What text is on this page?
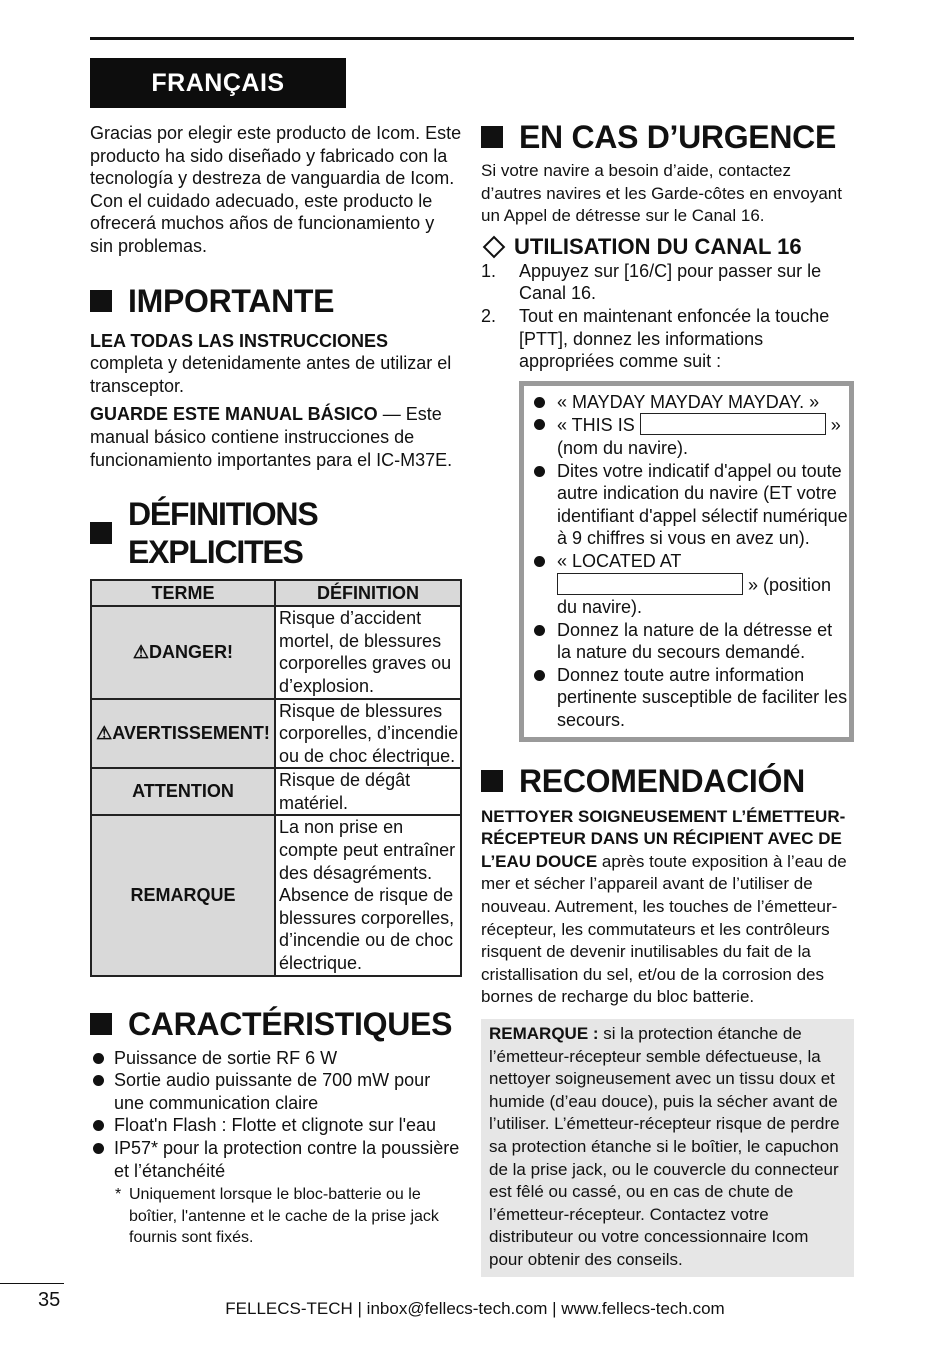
FRANÇAIS

Gracias por elegir este producto de Icom. Este producto ha sido diseñado y fabricado con la tecnología y destreza de vanguardia de Icom. Con el cuidado adecuado, este producto le ofrecerá muchos años de funcionamiento y sin problemas.

IMPORTANTE

LEA TODAS LAS INSTRUCCIONES
completa y detenidamente antes de utilizar el transceptor.

GUARDE ESTE MANUAL BÁSICO — Este manual básico contiene instrucciones de funcionamiento importantes para el IC-M37E.

DÉFINITIONS EXPLICITES
TERME	DÉFINITION
⚠DANGER!	Risque d’accident mortel, de blessures corporelles graves ou d’explosion.
⚠AVERTISSEMENT!	Risque de blessures corporelles, d’incendie ou de choc électrique.
ATTENTION	Risque de dégât matériel.
REMARQUE	La non prise en compte peut entraîner des désagréments. Absence de risque de blessures corporelles, d’incendie ou de choc électrique.
CARACTÉRISTIQUES
Puissance de sortie RF 6 W
Sortie audio puissante de 700 mW pour une communication claire
Float'n Flash : Flotte et clignote sur l'eau
IP57* pour la protection contre la poussière et l’étanchéité
* Uniquement lorsque le bloc-batterie ou le boîtier, l'antenne et le cache de la prise jack fournis sont fixés.
EN CAS D’URGENCE

Si votre navire a besoin d’aide, contactez d’autres navires et les Garde-côtes en envoyant un Appel de détresse sur le Canal 16.

UTILISATION DU CANAL 16
1. Appuyez sur [16/C] pour passer sur le Canal 16.
2. Tout en maintenant enfoncée la touche [PTT], donnez les informations appropriées comme suit :
« MAYDAY MAYDAY MAYDAY. »
« THIS IS	»
(nom du navire).
Dites votre indicatif d'appel ou toute autre indication du navire (ET votre identifiant d'appel sélectif numérique à 9 chiffres si vous en avez un).
« LOCATED AT
» (position
du navire).
Donnez la nature de la détresse et la nature du secours demandé.
Donnez toute autre information pertinente susceptible de faciliter les secours.
RECOMENDACIÓN

NETTOYER SOIGNEUSEMENT L’ÉMETTEUR-RÉCEPTEUR DANS UN RÉCIPIENT AVEC DE L’EAU DOUCE après toute exposition à l’eau de mer et sécher l’appareil avant de l’utiliser de nouveau. Autrement, les touches de l’émetteur-récepteur, les commutateurs et les contrôleurs risquent de devenir inutilisables du fait de la cristallisation du sel, et/ou de la corrosion des bornes de recharge du bloc batterie.

REMARQUE : si la protection étanche de l’émetteur-récepteur semble défectueuse, la nettoyer soigneusement avec un tissu doux et humide (d’eau douce), puis la sécher avant de l’utiliser. L’émetteur-récepteur risque de perdre sa protection étanche si le boîtier, le capuchon de la prise jack, ou le couvercle du connecteur est fêlé ou cassé, ou en cas de chute de l’émetteur-récepteur. Contactez votre distributeur ou votre concessionnaire Icom pour obtenir des conseils.
35	FELLECS-TECH | inbox@fellecs-tech.com | www.fellecs-tech.com
